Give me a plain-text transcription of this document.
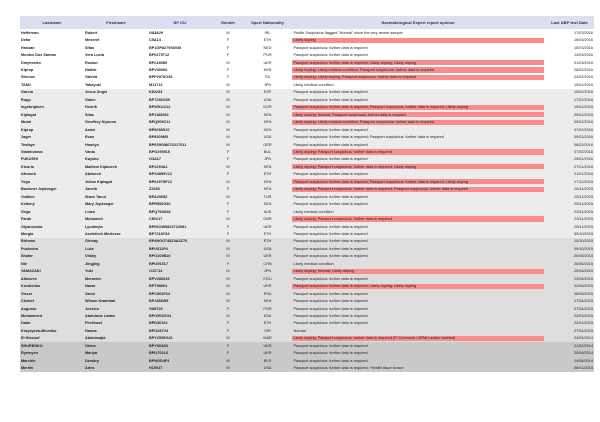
Lastname	Firstname	BP ID#	Gender	Sport Nationality	Haematological Expert report opinion	Last ABP test Date
Heffernan	Robert	O83A29	M	IRL	Profile Suspicious flagged "Normal" since the very recent sample	17/03/2016
Defar	Meseret	C5A14	F	ETH	Likely doping	16/03/2016
Hassan	Sifan	BP1GP8279S0030	F	NED	Passport suspicious: further data is required	15/03/2016
Montez Dos Santos	Vera Lucia	BP0279T12	F	POR	Passport suspicious: further data is required	14/03/2016
Dmytrenko	Ruslan	BP218989	M	UKR	Passport suspicious: further data is required; Likely doping; Likely doping	01/03/2016
Kiprop	Haileb	BPV30066	F	KEN	Likely doping; Likely medical condition; Passport suspicious: further data is required	26/02/2016
Strenov	Valeria	BPP2576O36	F	ITA	Likely doping; Likely doping; Passport suspicious: further data is required	24/02/2016
TANII	Takayuki	M11714	M	JPN	Likely medical condition	19/02/2016
Garcia	Jesus Angel	K82233	M	ESP	Passport suspicious: further data is required	10/02/2016
Rupp	Galen	BP7296O35	M	USA	Passport suspicious: further data is required	17/02/2016
Ingebrigtsen	Henrik	BPW511212	M	NOR	Passport suspicious: further data is required; Passport suspicious: further data is required; Likely doping	15/02/2016
Kiplagat	Silas	BP1188961	M	KEN	Likely doping; Normal; Passport suspicious: further data is required	09/02/2016
Mutai	Geoffrey Kiprono	BPQ509C11	M	KEN	Likely doping; Likely medical condition; Passport suspicious: further data is required	09/02/2016
Kiprop	Asbel	BP8298S10	M	KEN	Passport suspicious: further data is required	07/02/2016
Jager	Evan	BP8309M5	M	USA	Passport suspicious: further data is required; Passport suspicious: further data is required	09/02/2016
Tesfaye	Homiyu	BP6S9GI867S217011	M	GER	Passport suspicious: further data is required	06/02/2016
Stambolova	Vania	BPG295915	F	BUL	Likely doping; Passport suspicious: further data is required	07/02/2016
FUKUSHI	Kayoko	O3A17	F	JPN	Passport suspicious: further data is required	29/01/2016
Kisorio	Mathew Kipkoech	BP2293A1	M	KEN	Likely doping; Passport suspicious: further data is required; Likely doping	27/01/2016
Afework	Abebech	BPX3859V12	F	ETH	Passport suspicious: further data is required	21/01/2016
Yego	Julius Kiplagat	BP6197SP12	M	KEN	Passport suspicious: further data is required; Passport suspicious: further data is required; Likely doping	17/12/2015
Buzionei Jepkosgei	Janeth	Z2296	F	KEN	Likely doping; Passport suspicious: further data is required; Passport suspicious: further data is required	26/11/2015
Ozbilen	Ilham Tanui	BPA2968Z	M	TUR	Passport suspicious: further data is required	25/11/2015
Kelteny	Mary Jepkosgei	BPR506G30	F	KEN	Passport suspicious: further data is required	25/11/2015
Gega	Luiza	BPQ794D28	F	ALB	Likely medical condition	23/11/2015
Farah	Mohamed	CNIV17	M	GBR	Likely doping; Passport suspicious: further data is required	23/11/2015
Olyanovska	Lyudmyla	BP06OW9822T22081	F	UKR	Passport suspicious: further data is required	09/11/2015
Mergia	Aselefech Mezlesse	BP7218Y34	F	ETH	Passport suspicious: further data is required	30/10/2015
Birhanu	Girmay	BP4NGO748Z4A3Z70	M	ETH	Passport suspicious: further data is required	10/10/2015
Puskedra	Luke	BPU311P4	M	USA	Passport suspicious: further data is required	09/10/2015
Shafar	Vitaliy	BPO209B16	M	UKR	Passport suspicious: further data is required	20/08/2015
Nie	Jingjing	BPI291517	F	CHN	Likely medical condition	26/06/2015
YAMAZAKI	Yuki	O11714	M	JPN	Likely doping; Normal; Likely doping	25/06/2015
Aitnavev	Meraviev	BPV286633	M	EGU	Passport suspicious: further data is required	13/06/2015
Kovalenko	Nazar	BPT98004	M	UKR	Passport suspicious: further data is required; Likely doping; Likely doping	02/06/2015
Visser	Zarck	BPC802F24	M	RSA	Passport suspicious: further data is required	08/05/2015
Chebet	Wilson Kwambai	BPJ486W9	M	KEN	Passport suspicious: further data is required	17/04/2015
Augusto	Jessica	G88T26	F	POR	Passport suspicious: further data is required	07/04/2015
Mohammed	Abdulaziz Ladan	BPO503IY24	M	KSA	Passport suspicious: further data is required	23/03/2015
Dado	Firehiwot	BPD30102	F	ETH	Passport suspicious: further data is required	22/01/2015
Krayzyeva-Minenko	Hanna	BPG287V4	F	ISR	Normal	07/04/2015
El Hissouf	Abdelmajid	BPY2559G26	M	MAR	Likely doping; Passport suspicious: further data is required (FI Comment / APMU action needed)	23/05/2014
SHURENKO	Olena	BPY3032N	F	UKR	Passport suspicious: further data is required	21/02/2014
Ryemyen	Mariya	BPI2702L6	F	UKR	Passport suspicious: further data is required	20/06/2014
Marchin	Dzmitry	BPW2D4F4	M	BLR	Passport suspicious: further data is required	14/06/2014
Merritt	Aries	H10917	M	USA	Passport suspicious: further data is required / Health issue known	06/01/2015
